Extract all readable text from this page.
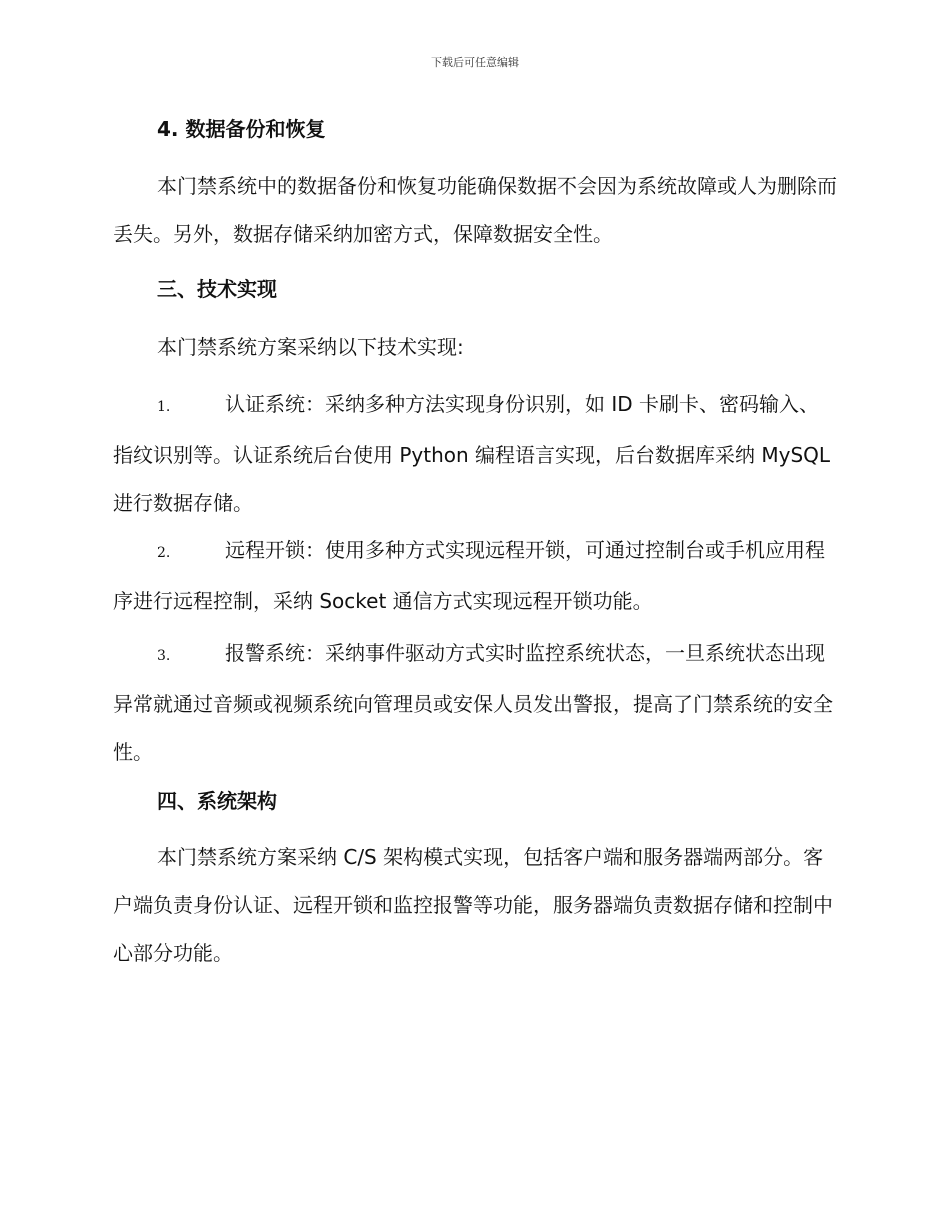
下载后可任意编辑
4. 数据备份和恢复
本门禁系统中的数据备份和恢复功能确保数据不会因为系统故障或人为删除而丢失。另外，数据存储采纳加密方式，保障数据安全性。
三、技术实现
本门禁系统方案采纳以下技术实现:
1.	认证系统：采纳多种方法实现身份识别，如 ID 卡刷卡、密码输入、指纹识别等。认证系统后台使用 Python 编程语言实现，后台数据库采纳 MySQL 进行数据存储。
2.	远程开锁：使用多种方式实现远程开锁，可通过控制台或手机应用程序进行远程控制，采纳 Socket 通信方式实现远程开锁功能。
3.	报警系统：采纳事件驱动方式实时监控系统状态，一旦系统状态出现异常就通过音频或视频系统向管理员或安保人员发出警报，提高了门禁系统的安全性。
四、系统架构
本门禁系统方案采纳 C/S 架构模式实现，包括客户端和服务器端两部分。客户端负责身份认证、远程开锁和监控报警等功能，服务器端负责数据存储和控制中心部分功能。
